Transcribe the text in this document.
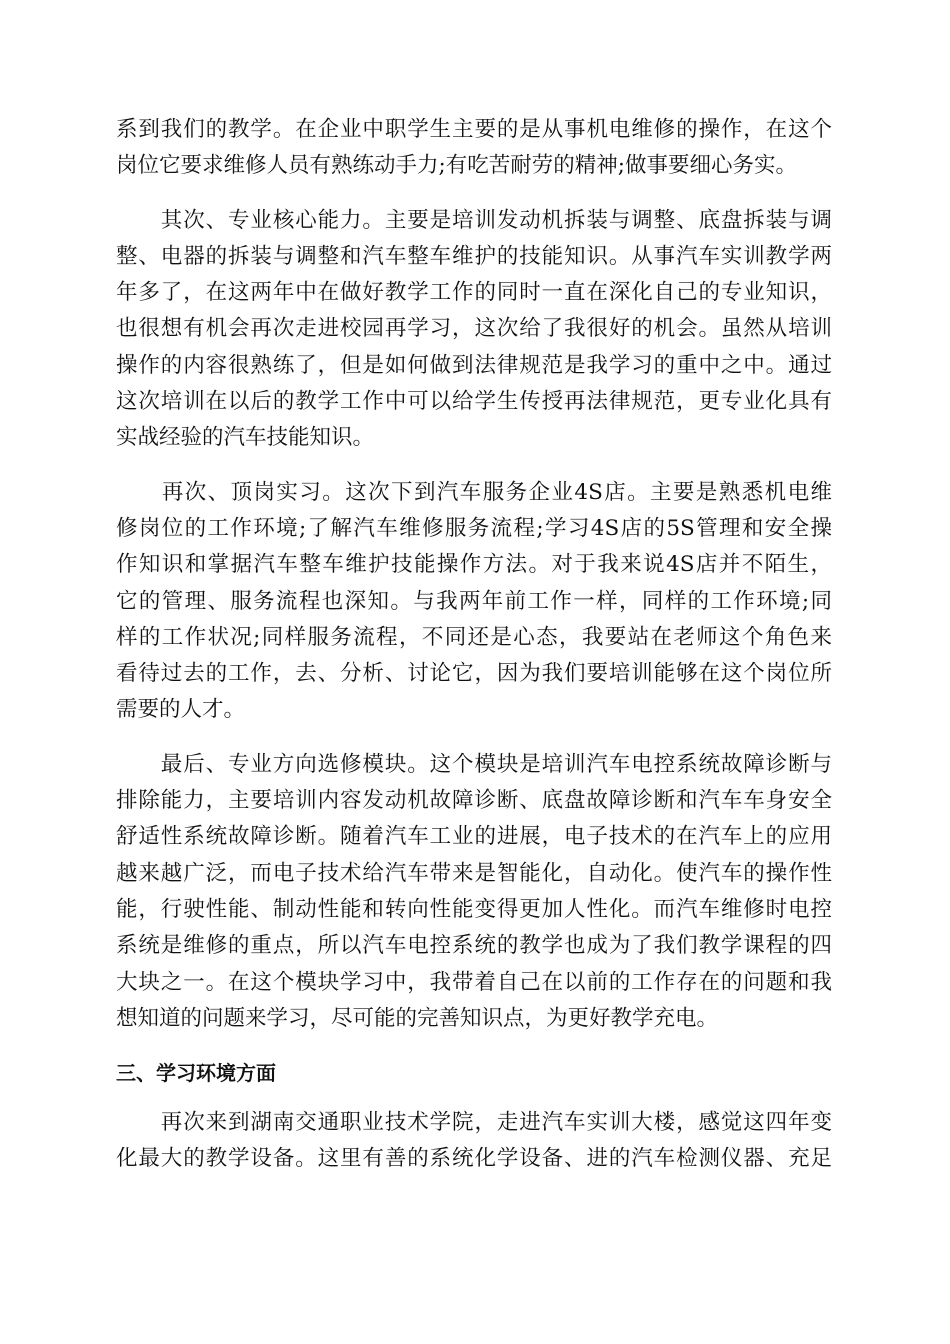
系到我们的教学。在企业中职学生主要的是从事机电维修的操作，在这个
岗位它要求维修人员有熟练动手力;有吃苦耐劳的精神;做事要细心务实。
　　其次、专业核心能力。主要是培训发动机拆装与调整、底盘拆装与调
整、电器的拆装与调整和汽车整车维护的技能知识。从事汽车实训教学两
年多了，在这两年中在做好教学工作的同时一直在深化自己的专业知识，
也很想有机会再次走进校园再学习，这次给了我很好的机会。虽然从培训
操作的内容很熟练了，但是如何做到法律规范是我学习的重中之中。通过
这次培训在以后的教学工作中可以给学生传授再法律规范，更专业化具有
实战经验的汽车技能知识。
　　再次、顶岗实习。这次下到汽车服务企业4S店。主要是熟悉机电维
修岗位的工作环境;了解汽车维修服务流程;学习4S店的5S管理和安全操
作知识和掌据汽车整车维护技能操作方法。对于我来说4S店并不陌生，
它的管理、服务流程也深知。与我两年前工作一样，同样的工作环境;同
样的工作状况;同样服务流程，不同还是心态，我要站在老师这个角色来
看待过去的工作，去、分析、讨论它，因为我们要培训能够在这个岗位所
需要的人才。
　　最后、专业方向选修模块。这个模块是培训汽车电控系统故障诊断与
排除能力，主要培训内容发动机故障诊断、底盘故障诊断和汽车车身安全
舒适性系统故障诊断。随着汽车工业的进展，电子技术的在汽车上的应用
越来越广泛，而电子技术给汽车带来是智能化，自动化。使汽车的操作性
能，行驶性能、制动性能和转向性能变得更加人性化。而汽车维修时电控
系统是维修的重点，所以汽车电控系统的教学也成为了我们教学课程的四
大块之一。在这个模块学习中，我带着自己在以前的工作存在的问题和我
想知道的问题来学习，尽可能的完善知识点，为更好教学充电。
三、学习环境方面
　　再次来到湖南交通职业技术学院，走进汽车实训大楼，感觉这四年变
化最大的教学设备。这里有善的系统化学设备、进的汽车检测仪器、充足
